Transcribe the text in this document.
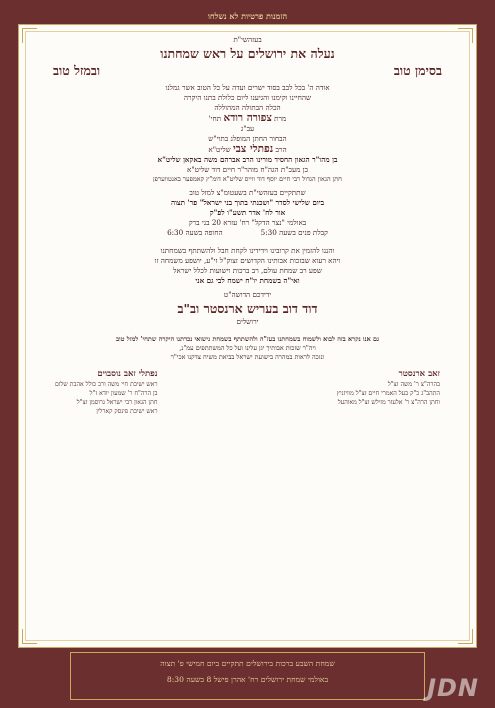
הזמנות פרטיות לא נשלחו
בעזהשי"ת
נעלה את ירושלים על ראש שמחתנו
בסימן טוב
ובמזל טוב
אודה ה' בכל לבב בסוד ישרים ועדה על כל הטוב אשר גמלנו
שהחיינו וקימנו והגיענו ליום כלולת בתנו היקרה
הכלה הבתולה המהוללה
מרת צפורה רודא תחי'
עב"ג
הבחור החתן המופלג בתוי"ש
הרב נפתלי צבי שליט"א
בן מהו"ר הגאון החסיד מורינו הרב אברהם משה באקאן שליט"א
בן מעכ"ת הגה"ח מוהר"ר חיים דוד שליט"א
חתן הגאון הגדול רבי חיים יוסף דוד ווייס שליט"א דומ"ץ קאמפער באנטווערפן
שתתקיים בעזהשי"ת בשעטומ"צ למזל טוב
ביום שלישי לסדר "ושכנתי בתוך בני ישראל" פר' תצוה
אור לח' אדר תשע"ו לפ"ק
באולמי "נצר הדקל" רח' עזרא 20 בני ברק
קבלת פנים בשעה 5:30
החופה בשעה 6:30
והננו להזמין את קרובינו וידידינו לקחת חבל ולהשתתף בשמחתנו
ויהא רעוא שבזכות אבותינו הקדושים זצוק"ל זי"ע, יושפע משמחה זו
שפע רב שמחת עולם, רב ברכות וישועות לכלל ישראל
ואי"ה בשמחת יו"ח ישמח לבי גם אני
ידידכם הדושה"ט
דוד דוב בעריש ארנסטר וב"ב
ירושלים
גם אנו נקרא בזה לבוא ולשמוח בשמחתנו בעז"ה ולהשתתף בשמחת נישואי נכדתנו היקרה שתחי' למזל טוב
ויה"ר שזכות אבותיך יגן עלינו ועל כל המשתתפים עמ"נ,
ונזכה לראות במהרה בישועת ישראל בביאת משיח צדקנו אכי"ר
זאב ארנסטר
בהרה"צ ר' משה זצ"ל
התהב"ג כ"ק בעל האמרי חיים זצ"ל מוויזניץ
וחתן הרה"צ ר' אלעזר מזילש זצ"ל מאוהעל
נפתלי זאב נוסבוים
ראש ישיבת חיי משה ורב כולל אהבת שלום
בן הרה"ח ר' שמעון יודא ז"ל
חתן הגאון רבי ישראל גרוסמן זצ"ל
ראש ישיבת פינסק קארלין
שמחת השבע ברכות בירושלים תתקיים ביום חמישי פ' תצוה
באולמי שמחת ירושלים רח' אהרן פישל 8 בשעה 8:30	JDN
